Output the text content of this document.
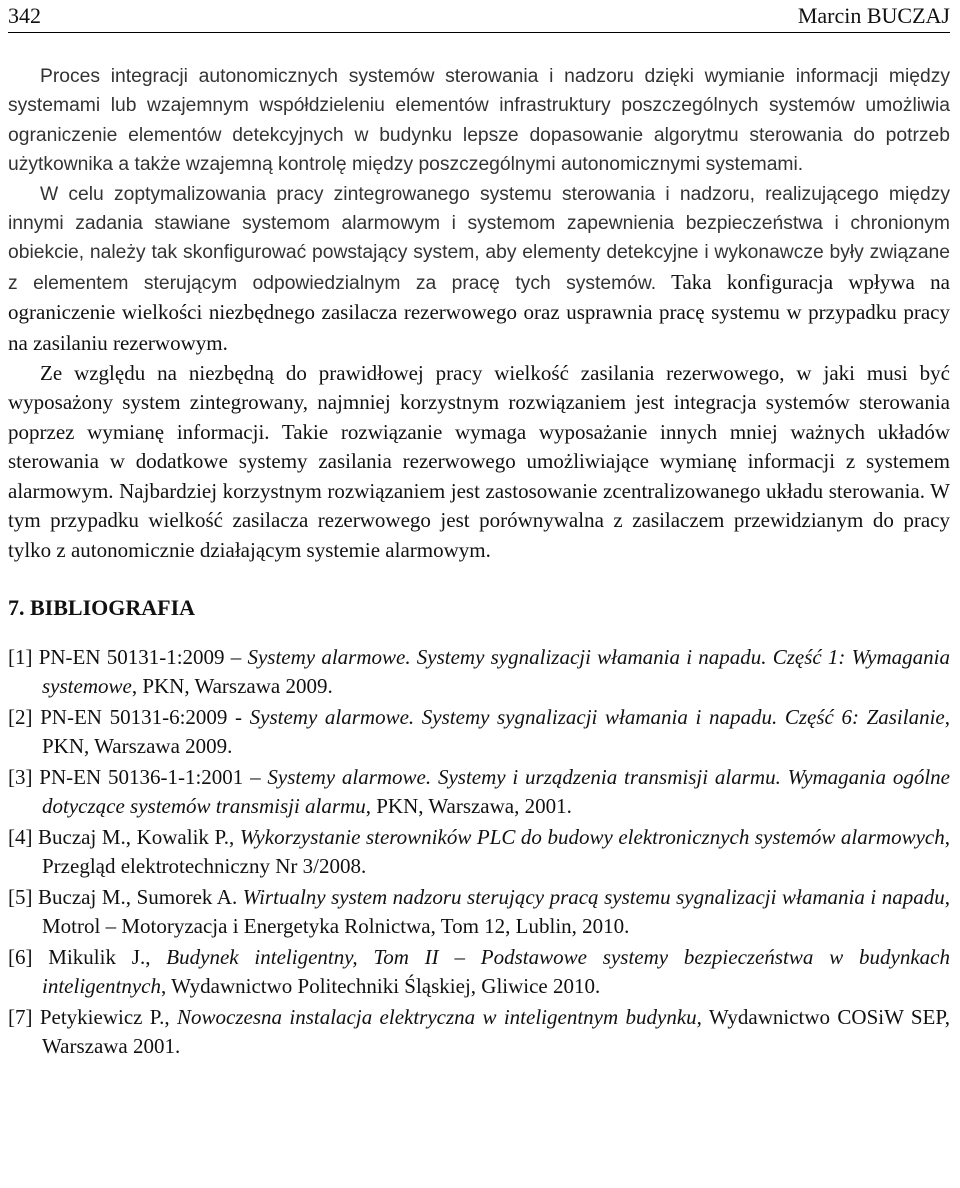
342	Marcin BUCZAJ

Proces integracji autonomicznych systemów sterowania i nadzoru dzięki wymianie informacji między systemami lub wzajemnym współdzieleniu elementów infrastruktury poszczególnych systemów umożliwia ograniczenie elementów detekcyjnych w budynku lepsze dopasowanie algorytmu sterowania do potrzeb użytkownika a także wzajemną kontrolę między poszczególnymi autonomicznymi systemami.

W celu zoptymalizowania pracy zintegrowanego systemu sterowania i nadzoru, realizującego między innymi zadania stawiane systemom alarmowym i systemom zapewnienia bezpieczeństwa i chronionym obiekcie, należy tak skonfigurować powstający system, aby elementy detekcyjne i wykonawcze były związane z elementem sterującym odpowiedzialnym za pracę tych systemów. Taka konfiguracja wpływa na ograniczenie wielkości niezbędnego zasilacza rezerwowego oraz usprawnia pracę systemu w przypadku pracy na zasilaniu rezerwowym.

Ze względu na niezbędną do prawidłowej pracy wielkość zasilania rezerwowego, w jaki musi być wyposażony system zintegrowany, najmniej korzystnym rozwiązaniem jest integracja systemów sterowania poprzez wymianę informacji. Takie rozwiązanie wymaga wyposażanie innych mniej ważnych układów sterowania w dodatkowe systemy zasilania rezerwowego umożliwiające wymianę informacji z systemem alarmowym. Najbardziej korzystnym rozwiązaniem jest zastosowanie zcentralizowanego układu sterowania. W tym przypadku wielkość zasilacza rezerwowego jest porównywalna z zasilaczem przewidzianym do pracy tylko z autonomicznie działającym systemie alarmowym.

7. BIBLIOGRAFIA
[1] PN-EN 50131-1:2009 – Systemy alarmowe. Systemy sygnalizacji włamania i napadu. Część 1: Wymagania systemowe, PKN, Warszawa 2009.
[2] PN-EN 50131-6:2009 - Systemy alarmowe. Systemy sygnalizacji włamania i napadu. Część 6: Zasilanie, PKN, Warszawa 2009.
[3] PN-EN 50136-1-1:2001 – Systemy alarmowe. Systemy i urządzenia transmisji alarmu. Wymagania ogólne dotyczące systemów transmisji alarmu, PKN, Warszawa, 2001.
[4] Buczaj M., Kowalik P., Wykorzystanie sterowników PLC do budowy elektronicznych systemów alarmowych, Przegląd elektrotechniczny Nr 3/2008.
[5] Buczaj M., Sumorek A. Wirtualny system nadzoru sterujący pracą systemu sygnalizacji włamania i napadu, Motrol – Motoryzacja i Energetyka Rolnictwa, Tom 12, Lublin, 2010.
[6] Mikulik J., Budynek inteligentny, Tom II – Podstawowe systemy bezpieczeństwa w budynkach inteligentnych, Wydawnictwo Politechniki Śląskiej, Gliwice 2010.
[7] Petykiewicz P., Nowoczesna instalacja elektryczna w inteligentnym budynku, Wydawnictwo COSiW SEP, Warszawa 2001.
